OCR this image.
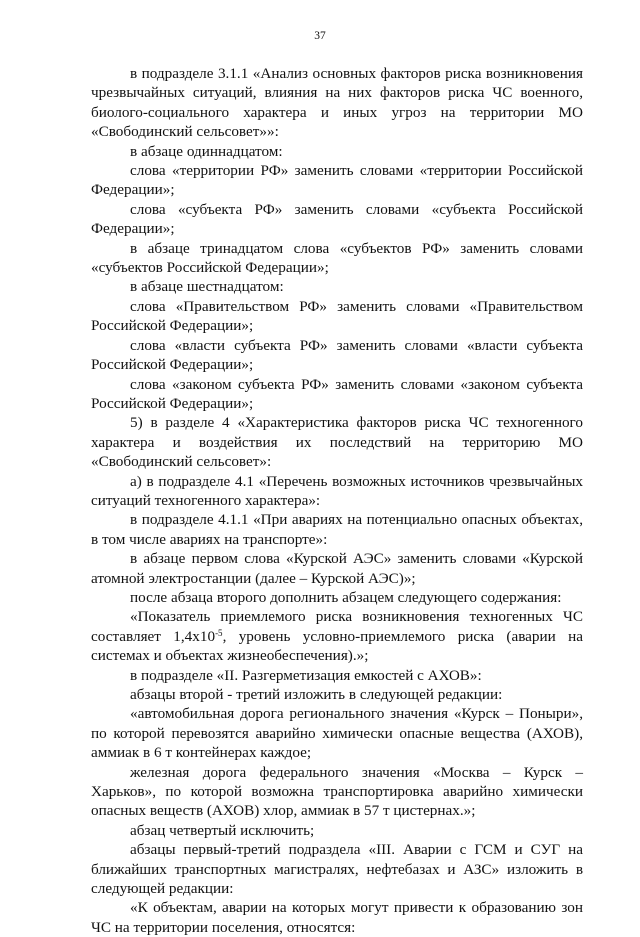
37

в подразделе 3.1.1 «Анализ основных факторов риска возникновения чрезвычайных ситуаций, влияния на них факторов риска ЧС военного, биолого-социального характера и иных угроз на территории МО «Свободинский сельсовет»»:

в абзаце одиннадцатом:

слова «территории РФ» заменить словами «территории Российской Федерации»;

слова «субъекта РФ» заменить словами «субъекта Российской Федерации»;

в абзаце тринадцатом слова «субъектов РФ» заменить словами «субъектов Российской Федерации»;

в абзаце шестнадцатом:

слова «Правительством РФ» заменить словами «Правительством Российской Федерации»;

слова «власти субъекта РФ» заменить словами «власти субъекта Российской Федерации»;

слова «законом субъекта РФ» заменить словами «законом субъекта Российской Федерации»;

5) в разделе 4 «Характеристика факторов риска ЧС техногенного характера и воздействия их последствий на территорию МО «Свободинский сельсовет»:

а) в подразделе 4.1 «Перечень возможных источников чрезвычайных ситуаций техногенного характера»:

в подразделе 4.1.1 «При авариях на потенциально опасных объектах, в том числе авариях на транспорте»:

в абзаце первом слова «Курской АЭС» заменить словами «Курской атомной электростанции (далее – Курской АЭС)»;

после абзаца второго дополнить абзацем следующего содержания:

«Показатель приемлемого риска возникновения техногенных ЧС составляет $1,4x10^{-5}$, уровень условно-приемлемого риска (аварии на системах и объектах жизнеобеспечения).»;

в подразделе «II. Разгерметизация емкостей с АХОВ»:

абзацы второй - третий изложить в следующей редакции:

«автомобильная дорога регионального значения «Курск – Поныри», по которой перевозятся аварийно химически опасные вещества (АХОВ), аммиак в 6 т контейнерах каждое;

железная дорога федерального значения «Москва – Курск – Харьков», по которой возможна транспортировка аварийно химически опасных веществ (АХОВ) хлор, аммиак в 57 т цистернах.»;

абзац четвертый исключить;

абзацы первый-третий подраздела «III. Аварии с ГСМ и СУГ на ближайших транспортных магистралях, нефтебазах и АЗС» изложить в следующей редакции:

«К объектам, аварии на которых могут привести к образованию зон ЧС на территории поселения, относятся:
